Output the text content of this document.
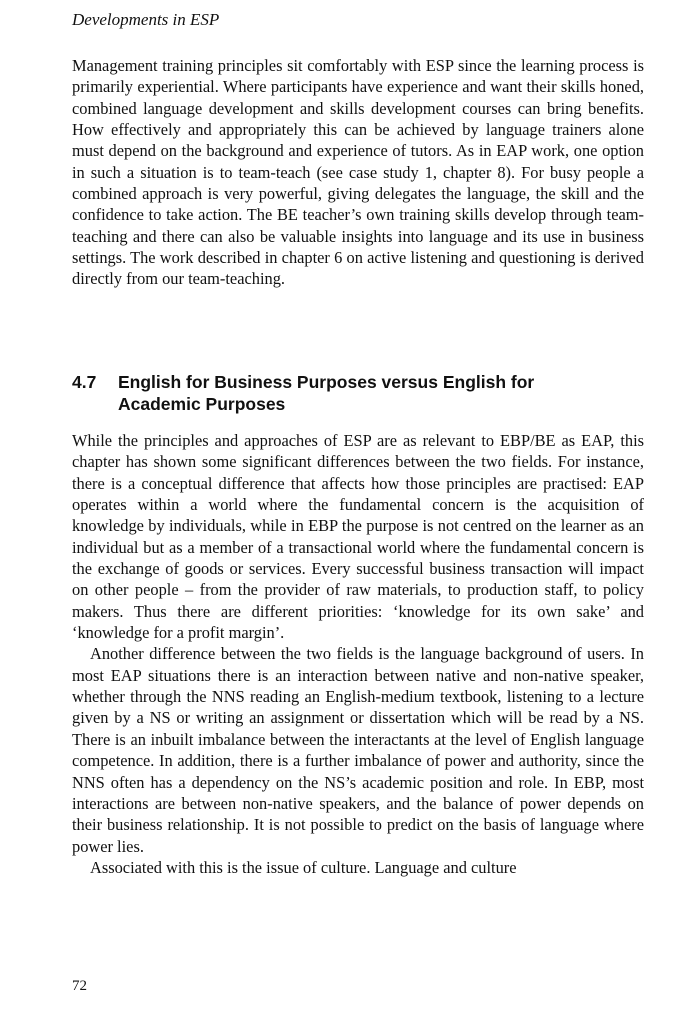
Developments in ESP

Management training principles sit comfortably with ESP since the learning process is primarily experiential. Where participants have experience and want their skills honed, combined language development and skills development courses can bring benefits. How effectively and appropriately this can be achieved by language trainers alone must depend on the background and experience of tutors. As in EAP work, one option in such a situation is to team-teach (see case study 1, chapter 8). For busy people a combined approach is very powerful, giving delegates the language, the skill and the confidence to take action. The BE teacher’s own training skills develop through team-teaching and there can also be valuable insights into language and its use in business settings. The work described in chapter 6 on active listening and questioning is derived directly from our team-teaching.

4.7 English for Business Purposes versus English for Academic Purposes

While the principles and approaches of ESP are as relevant to EBP/BE as EAP, this chapter has shown some significant differences between the two fields. For instance, there is a conceptual difference that affects how those principles are practised: EAP operates within a world where the fundamental concern is the acquisition of knowledge by individuals, while in EBP the purpose is not centred on the learner as an individual but as a member of a transactional world where the fundamental concern is the exchange of goods or services. Every successful business transaction will impact on other people – from the provider of raw materials, to production staff, to policy makers. Thus there are different priorities: ‘knowledge for its own sake’ and ‘knowledge for a profit margin’.

Another difference between the two fields is the language background of users. In most EAP situations there is an interaction between native and non-native speaker, whether through the NNS reading an English-medium textbook, listening to a lecture given by a NS or writing an assignment or dissertation which will be read by a NS. There is an inbuilt imbalance between the interactants at the level of English language competence. In addition, there is a further imbalance of power and authority, since the NNS often has a dependency on the NS’s academic position and role. In EBP, most interactions are between non-native speakers, and the balance of power depends on their business relationship. It is not possible to predict on the basis of language where power lies.

Associated with this is the issue of culture. Language and culture

72
